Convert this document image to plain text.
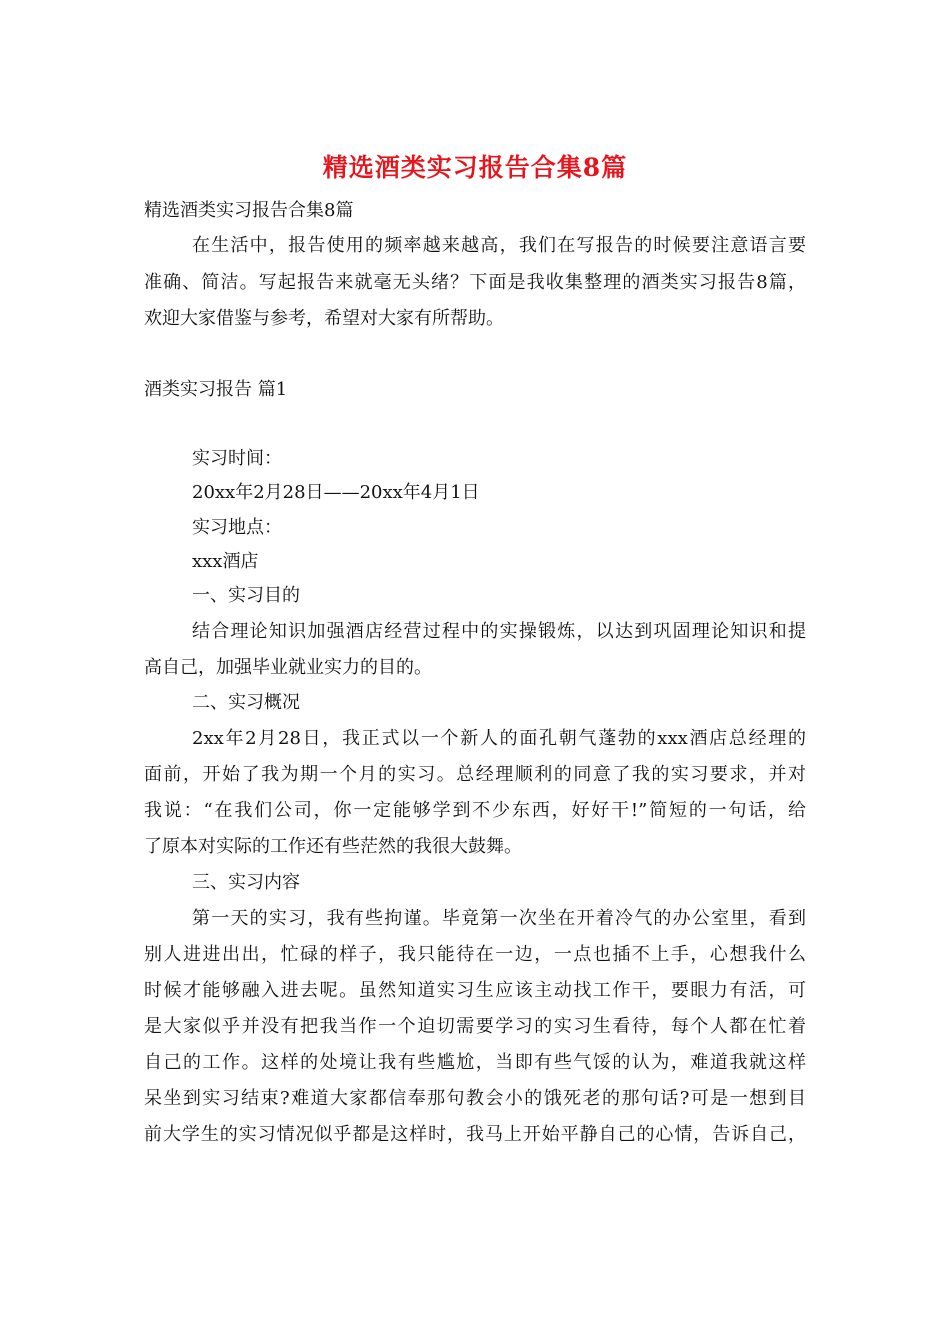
精选酒类实习报告合集8篇
精选酒类实习报告合集8篇
在生活中，报告使用的频率越来越高，我们在写报告的时候要注意语言要
准确、简洁。写起报告来就毫无头绪？下面是我收集整理的酒类实习报告8篇，
欢迎大家借鉴与参考，希望对大家有所帮助。
酒类实习报告 篇1
实习时间：
20xx年2月28日——20xx年4月1日
实习地点：
xxx酒店
一、实习目的
结合理论知识加强酒店经营过程中的实操锻炼，以达到巩固理论知识和提
高自己，加强毕业就业实力的目的。
二、实习概况
2xx年2月28日，我正式以一个新人的面孔朝气蓬勃的xxx酒店总经理的
面前，开始了我为期一个月的实习。总经理顺利的同意了我的实习要求，并对
我说：“在我们公司，你一定能够学到不少东西，好好干!”简短的一句话，给
了原本对实际的工作还有些茫然的我很大鼓舞。
三、实习内容
第一天的实习，我有些拘谨。毕竟第一次坐在开着冷气的办公室里，看到
别人进进出出，忙碌的样子，我只能待在一边，一点也插不上手，心想我什么
时候才能够融入进去呢。虽然知道实习生应该主动找工作干，要眼力有活，可
是大家似乎并没有把我当作一个迫切需要学习的实习生看待，每个人都在忙着
自己的工作。这样的处境让我有些尴尬，当即有些气馁的认为，难道我就这样
呆坐到实习结束?难道大家都信奉那句教会小的饿死老的那句话?可是一想到目
前大学生的实习情况似乎都是这样时，我马上开始平静自己的心情，告诉自己，
